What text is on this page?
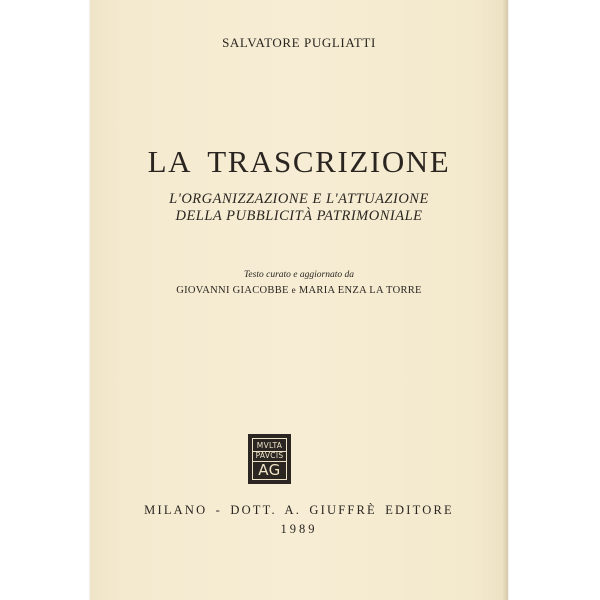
SALVATORE PUGLIATTI
LA TRASCRIZIONE
L'ORGANIZZAZIONE E L'ATTUAZIONE
DELLA PUBBLICITÀ PATRIMONIALE
Testo curato e aggiornato da
GIOVANNI GIACOBBE e MARIA ENZA LA TORRE
MVLTA
PAVCIS
AG
MILANO - DOTT. A. GIUFFRÈ EDITORE
1989
